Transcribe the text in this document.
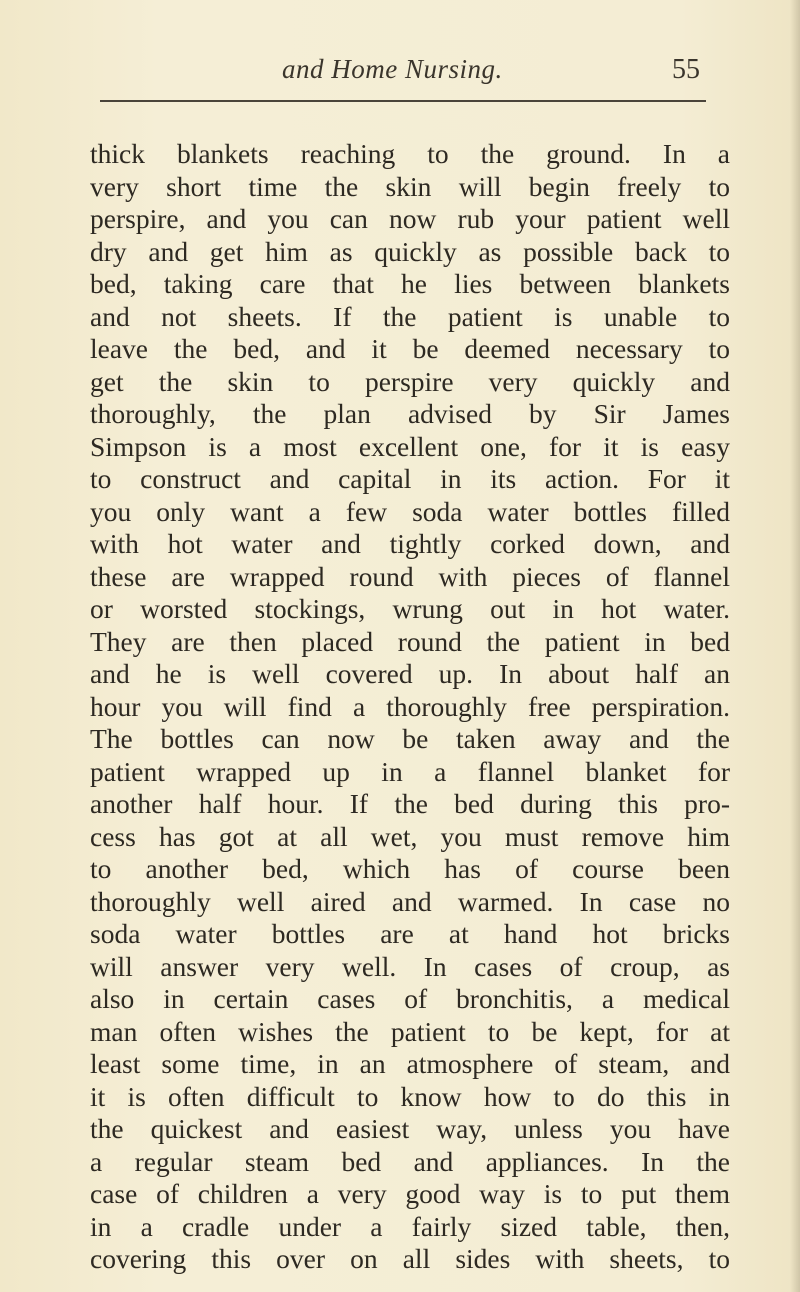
and Home Nursing.	55
thick blankets reaching to the ground. In a
very short time the skin will begin freely to
perspire, and you can now rub your patient well
dry and get him as quickly as possible back to
bed, taking care that he lies between blankets
and not sheets. If the patient is unable to
leave the bed, and it be deemed necessary to
get the skin to perspire very quickly and
thoroughly, the plan advised by Sir James
Simpson is a most excellent one, for it is easy
to construct and capital in its action. For it
you only want a few soda water bottles filled
with hot water and tightly corked down, and
these are wrapped round with pieces of flannel
or worsted stockings, wrung out in hot water.
They are then placed round the patient in bed
and he is well covered up. In about half an
hour you will find a thoroughly free perspiration.
The bottles can now be taken away and the
patient wrapped up in a flannel blanket for
another half hour. If the bed during this pro-
cess has got at all wet, you must remove him
to another bed, which has of course been
thoroughly well aired and warmed. In case no
soda water bottles are at hand hot bricks
will answer very well. In cases of croup, as
also in certain cases of bronchitis, a medical
man often wishes the patient to be kept, for at
least some time, in an atmosphere of steam, and
it is often difficult to know how to do this in
the quickest and easiest way, unless you have
a regular steam bed and appliances. In the
case of children a very good way is to put them
in a cradle under a fairly sized table, then,
covering this over on all sides with sheets, to
